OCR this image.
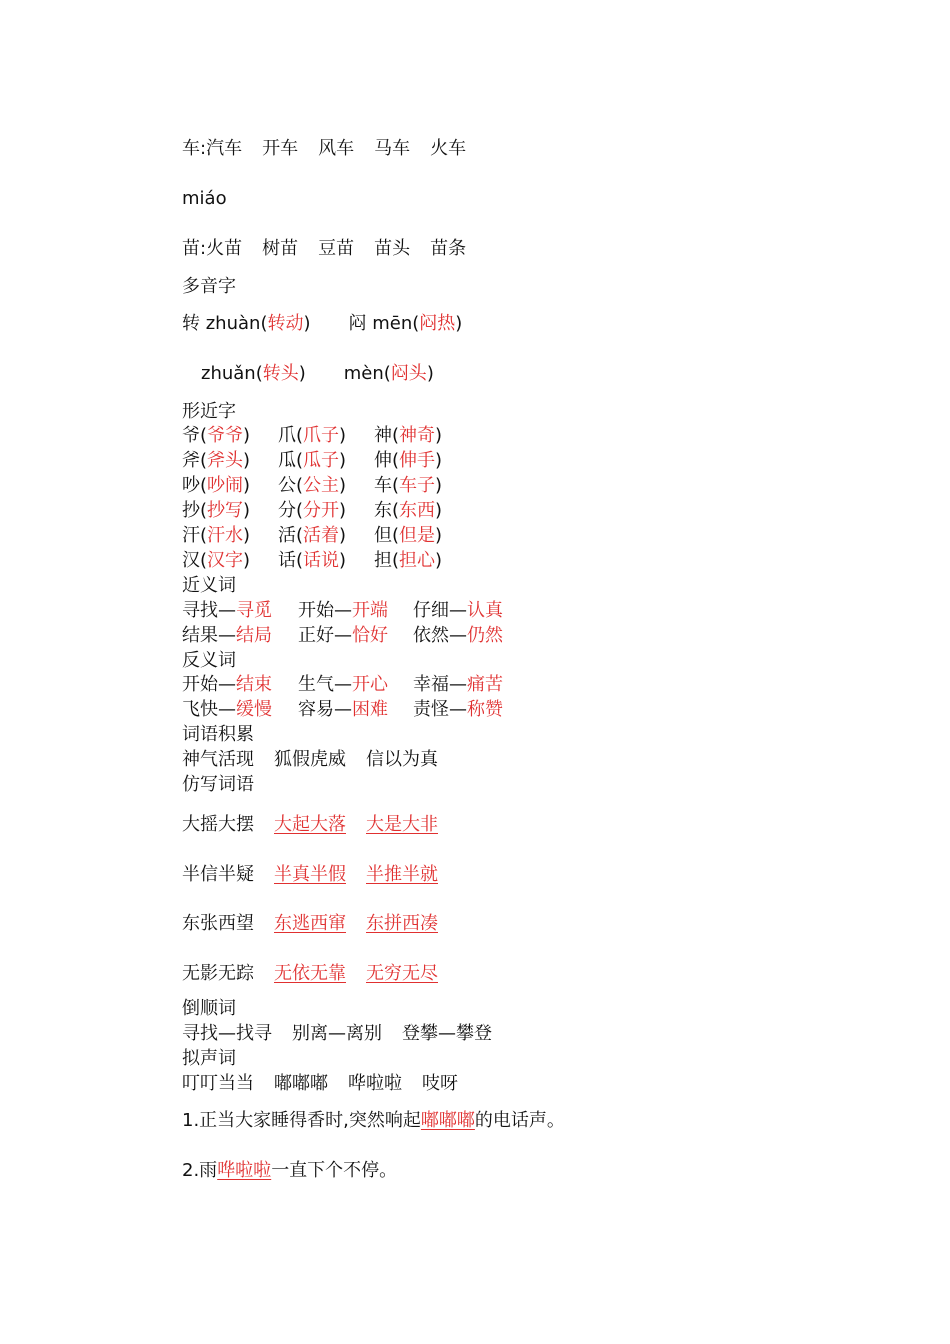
车:汽车 开车 风车 马车 火车
miáo
苗:火苗 树苗 豆苗 苗头 苗条
多音字
转 zhuàn(转动) 闷 mēn(闷热)
zhuǎn(转头) mèn(闷头)
形近字
爷(爷爷) 爪(爪子) 神(神奇)
斧(斧头) 瓜(瓜子) 伸(伸手)
吵(吵闹) 公(公主) 车(车子)
抄(抄写) 分(分开) 东(东西)
汗(汗水) 活(活着) 但(但是)
汉(汉字) 话(话说) 担(担心)
近义词
寻找—寻觅 开始—开端 仔细—认真
结果—结局 正好—恰好 依然—仍然
反义词
开始—结束 生气—开心 幸福—痛苦
飞快—缓慢 容易—困难 责怪—称赞
词语积累
神气活现 狐假虎威 信以为真
仿写词语
大摇大摆 大起大落 大是大非
半信半疑 半真半假 半推半就
东张西望 东逃西窜 东拼西凑
无影无踪 无依无靠 无穷无尽
倒顺词
寻找—找寻 别离—离别 登攀—攀登
拟声词
叮叮当当 嘟嘟嘟 哗啦啦 吱呀
1.正当大家睡得香时,突然响起嘟嘟嘟的电话声。
2.雨哗啦啦一直下个不停。
